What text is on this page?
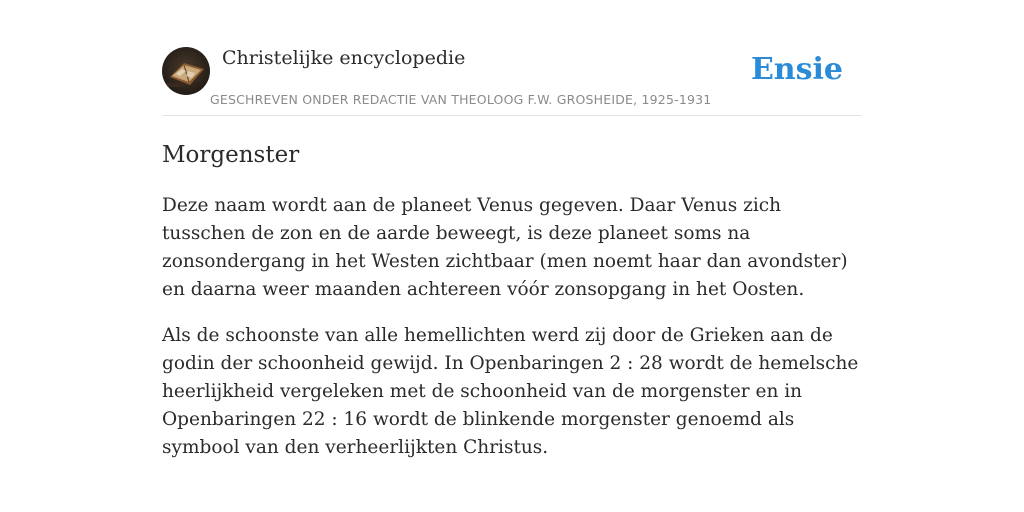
Christelijke encyclopedie
GESCHREVEN ONDER REDACTIE VAN THEOLOOG F.W. GROSHEIDE, 1925-1931
Ensie
Morgenster

Deze naam wordt aan de planeet Venus gegeven. Daar Venus zich tusschen de zon en de aarde beweegt, is deze planeet soms na zonsondergang in het Westen zichtbaar (men noemt haar dan avondster) en daarna weer maanden achtereen vóór zonsopgang in het Oosten.

Als de schoonste van alle hemellichten werd zij door de Grieken aan de godin der schoonheid gewijd. In Openbaringen 2 : 28 wordt de hemelsche heerlijkheid vergeleken met de schoonheid van de morgenster en in Openbaringen 22 : 16 wordt de blinkende morgenster genoemd als symbool van den verheerlijkten Christus.
